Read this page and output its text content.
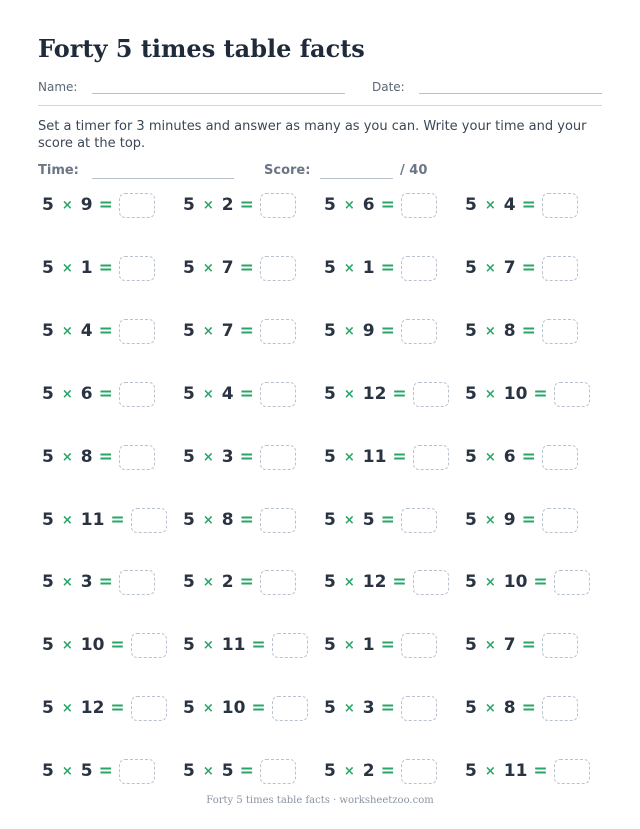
Forty 5 times table facts
Name:	Date:

Set a timer for 3 minutes and answer as many as you can. Write your time and your score at the top.

Time:	Score:	/ 40
5 × 9 =	5 × 2 =	5 × 6 =	5 × 4 =
5 × 1 =	5 × 7 =	5 × 1 =	5 × 7 =
5 × 4 =	5 × 7 =	5 × 9 =	5 × 8 =
5 × 6 =	5 × 4 =	5 × 12 =	5 × 10 =
5 × 8 =	5 × 3 =	5 × 11 =	5 × 6 =
5 × 11 =	5 × 8 =	5 × 5 =	5 × 9 =
5 × 3 =	5 × 2 =	5 × 12 =	5 × 10 =
5 × 10 =	5 × 11 =	5 × 1 =	5 × 7 =
5 × 12 =	5 × 10 =	5 × 3 =	5 × 8 =
5 × 5 =	5 × 5 =	5 × 2 =	5 × 11 =
Forty 5 times table facts · worksheetzoo.com
